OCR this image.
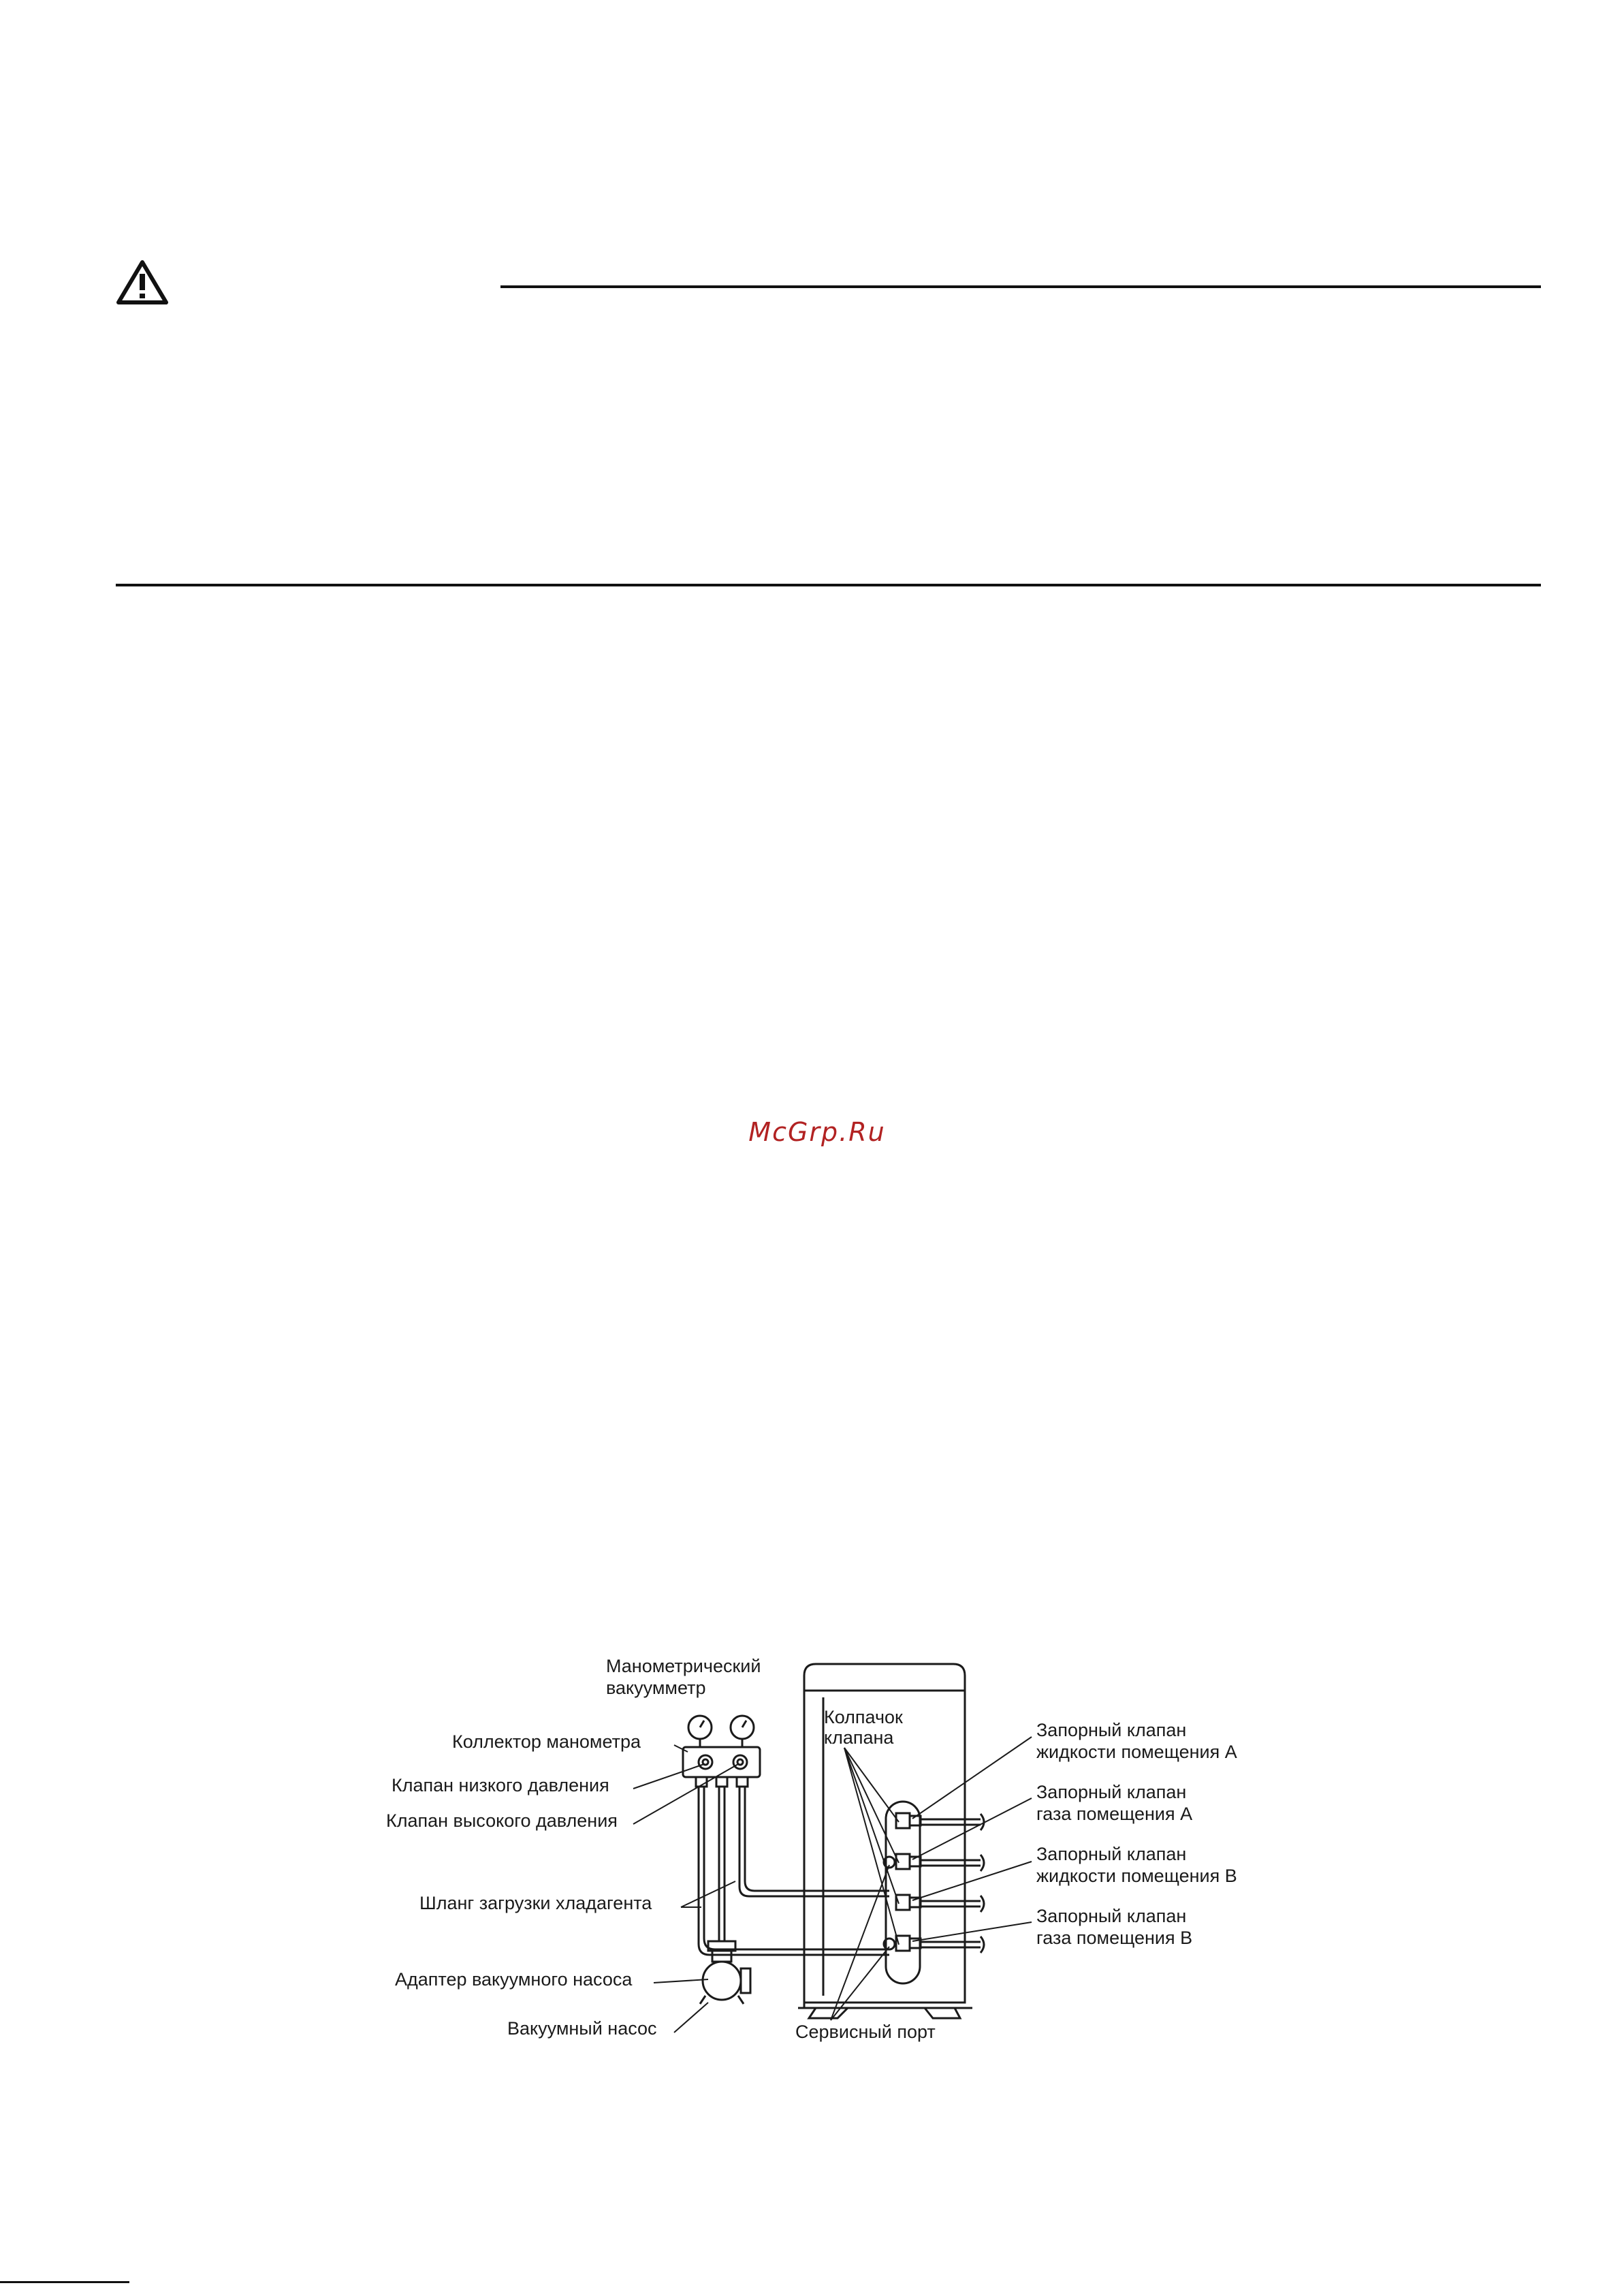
McGrp.Ru
Манометрический
вакуумметр
Коллектор манометра
Клапан низкого давления
Клапан высокого давления
Шланг загрузки хладагента
Адаптер вакуумного насоса
Вакуумный насос
Колпачок
клапана
Сервисный порт
Запорный клапан
жидкости помещения A
Запорный клапан
газа помещения A
Запорный клапан
жидкости помещения B
Запорный клапан
газа помещения B
